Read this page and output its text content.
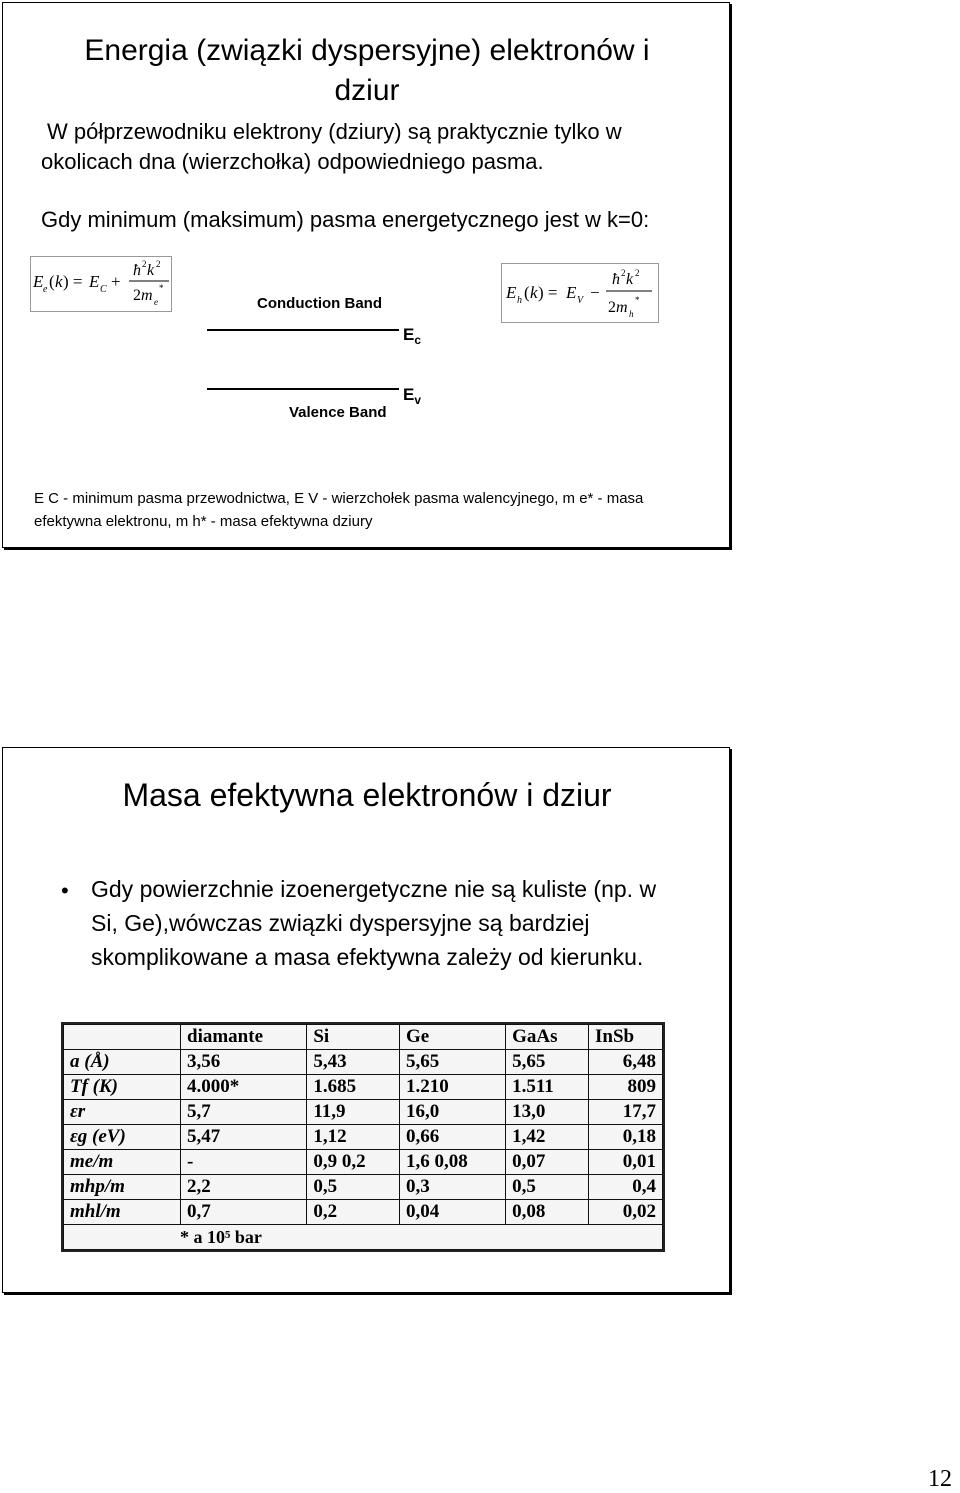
Energia (związki dyspersyjne) elektronów i
dziur
W półprzewodniku elektrony (dziury) są praktycznie tylko w
okolicach dna (wierzchołka) odpowiedniego pasma.
Gdy minimum (maksimum) pasma energetycznego jest w k=0:
E e ( k ) = E C +
ħ 2 k 2
2 m e
*	E h ( k ) = E V −
ħ 2 k 2
2 m h
*
Conduction Band
$E_c$
$E_v$
Valence Band
E C - minimum pasma przewodnictwa, E V - wierzchołek pasma walencyjnego, m e* - masa
efektywna elektronu, m h* - masa efektywna dziury
Masa efektywna elektronów i dziur
• Gdy powierzchnie izoenergetyczne nie są kuliste (np. w
Si, Ge),wówczas związki dyspersyjne są bardziej
skomplikowane a masa efektywna zależy od kierunku.
	diamante	Si	Ge	GaAs	InSb
a (Å)	3,56	5,43	5,65	5,65	6,48
Tf (K)	4.000*	1.685	1.210	1.511	809
εr	5,7	11,9	16,0	13,0	17,7
εg (eV)	5,47	1,12	0,66	1,42	0,18
me/m	-	0,9 0,2	1,6 0,08	0,07	0,01
mhp/m	2,2	0,5	0,3	0,5	0,4
mhl/m	0,7	0,2	0,04	0,08	0,02
* a 10⁵ bar					
12
